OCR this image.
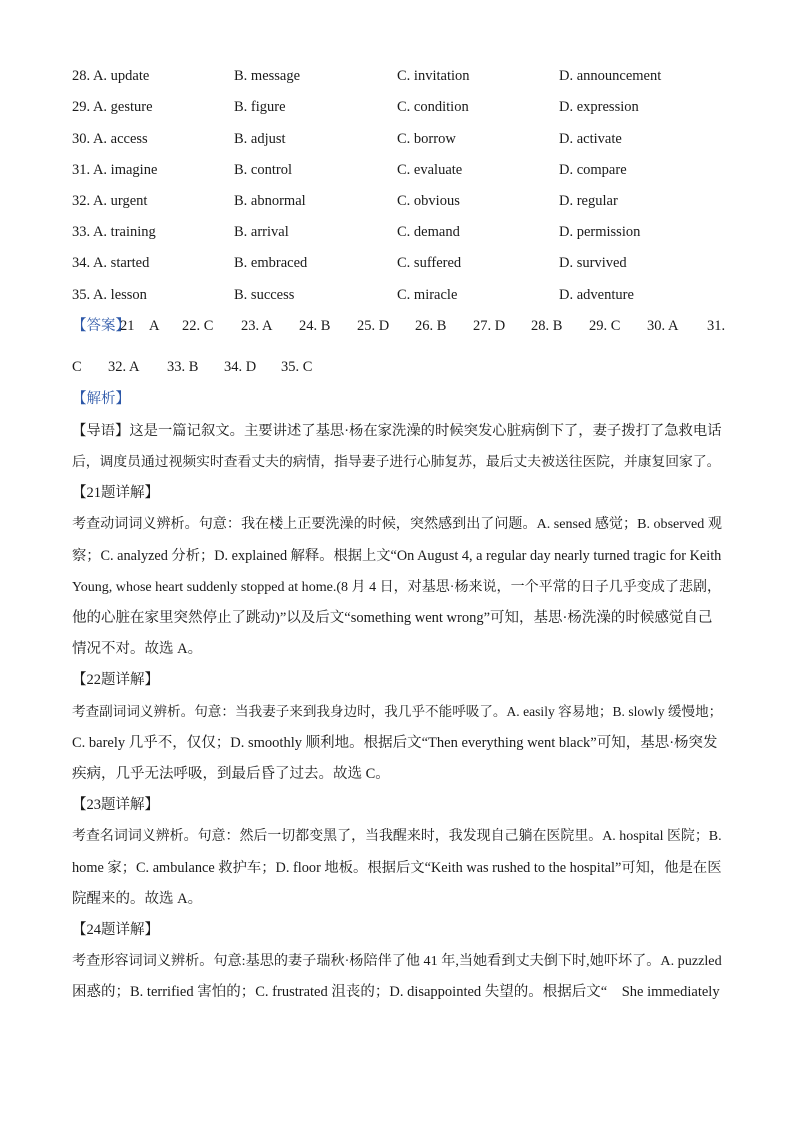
28. A. update	B. message	C. invitation	D. announcement
29. A. gesture	B. figure	C. condition	D. expression
30. A. access	B. adjust	C. borrow	D. activate
31. A. imagine	B. control	C. evaluate	D. compare
32. A. urgent	B. abnormal	C. obvious	D. regular
33. A. training	B. arrival	C. demand	D. permission
34. A. started	B. embraced	C. suffered	D. survived
35. A. lesson	B. success	C. miracle	D. adventure
【答案】
21　A 22. C 23. A 24. B 25. D 26. B 27. D 28. B 29. C 30. A 31.
C 32. A 33. B 34. D 35. C
【解析】
【导语】这是一篇记叙文。主要讲述了基思·杨在家洗澡的时候突发心脏病倒下了，妻子拨打了急救电话
后，调度员通过视频实时查看丈夫的病情，指导妻子进行心肺复苏，最后丈夫被送往医院，并康复回家了。
【21题详解】
考查动词词义辨析。句意：我在楼上正要洗澡的时候，突然感到出了问题。A. sensed 感觉；B. observed 观
察；C. analyzed 分析；D. explained 解释。根据上文“On August 4, a regular day nearly turned tragic for Keith
Young, whose heart suddenly stopped at home.(8 月 4 日，对基思·杨来说，一个平常的日子几乎变成了悲剧，
他的心脏在家里突然停止了跳动)”以及后文“something went wrong”可知，基思·杨洗澡的时候感觉自己
情况不对。故选 A。
【22题详解】
考查副词词义辨析。句意：当我妻子来到我身边时，我几乎不能呼吸了。A. easily 容易地；B. slowly 缓慢地；
C. barely 几乎不，仅仅；D. smoothly 顺利地。根据后文“Then everything went black”可知，基思·杨突发
疾病，几乎无法呼吸，到最后昏了过去。故选 C。
【23题详解】
考查名词词义辨析。句意：然后一切都变黑了，当我醒来时，我发现自己躺在医院里。A. hospital 医院；B.
home 家；C. ambulance 救护车；D. floor 地板。根据后文“Keith was rushed to the hospital”可知，他是在医
院醒来的。故选 A。
【24题详解】
考查形容词词义辨析。句意:基思的妻子瑞秋·杨陪伴了他 41 年,当她看到丈夫倒下时,她吓坏了。A. puzzled
困惑的；B. terrified 害怕的；C. frustrated 沮丧的；D. disappointed 失望的。根据后文“　She immediately
